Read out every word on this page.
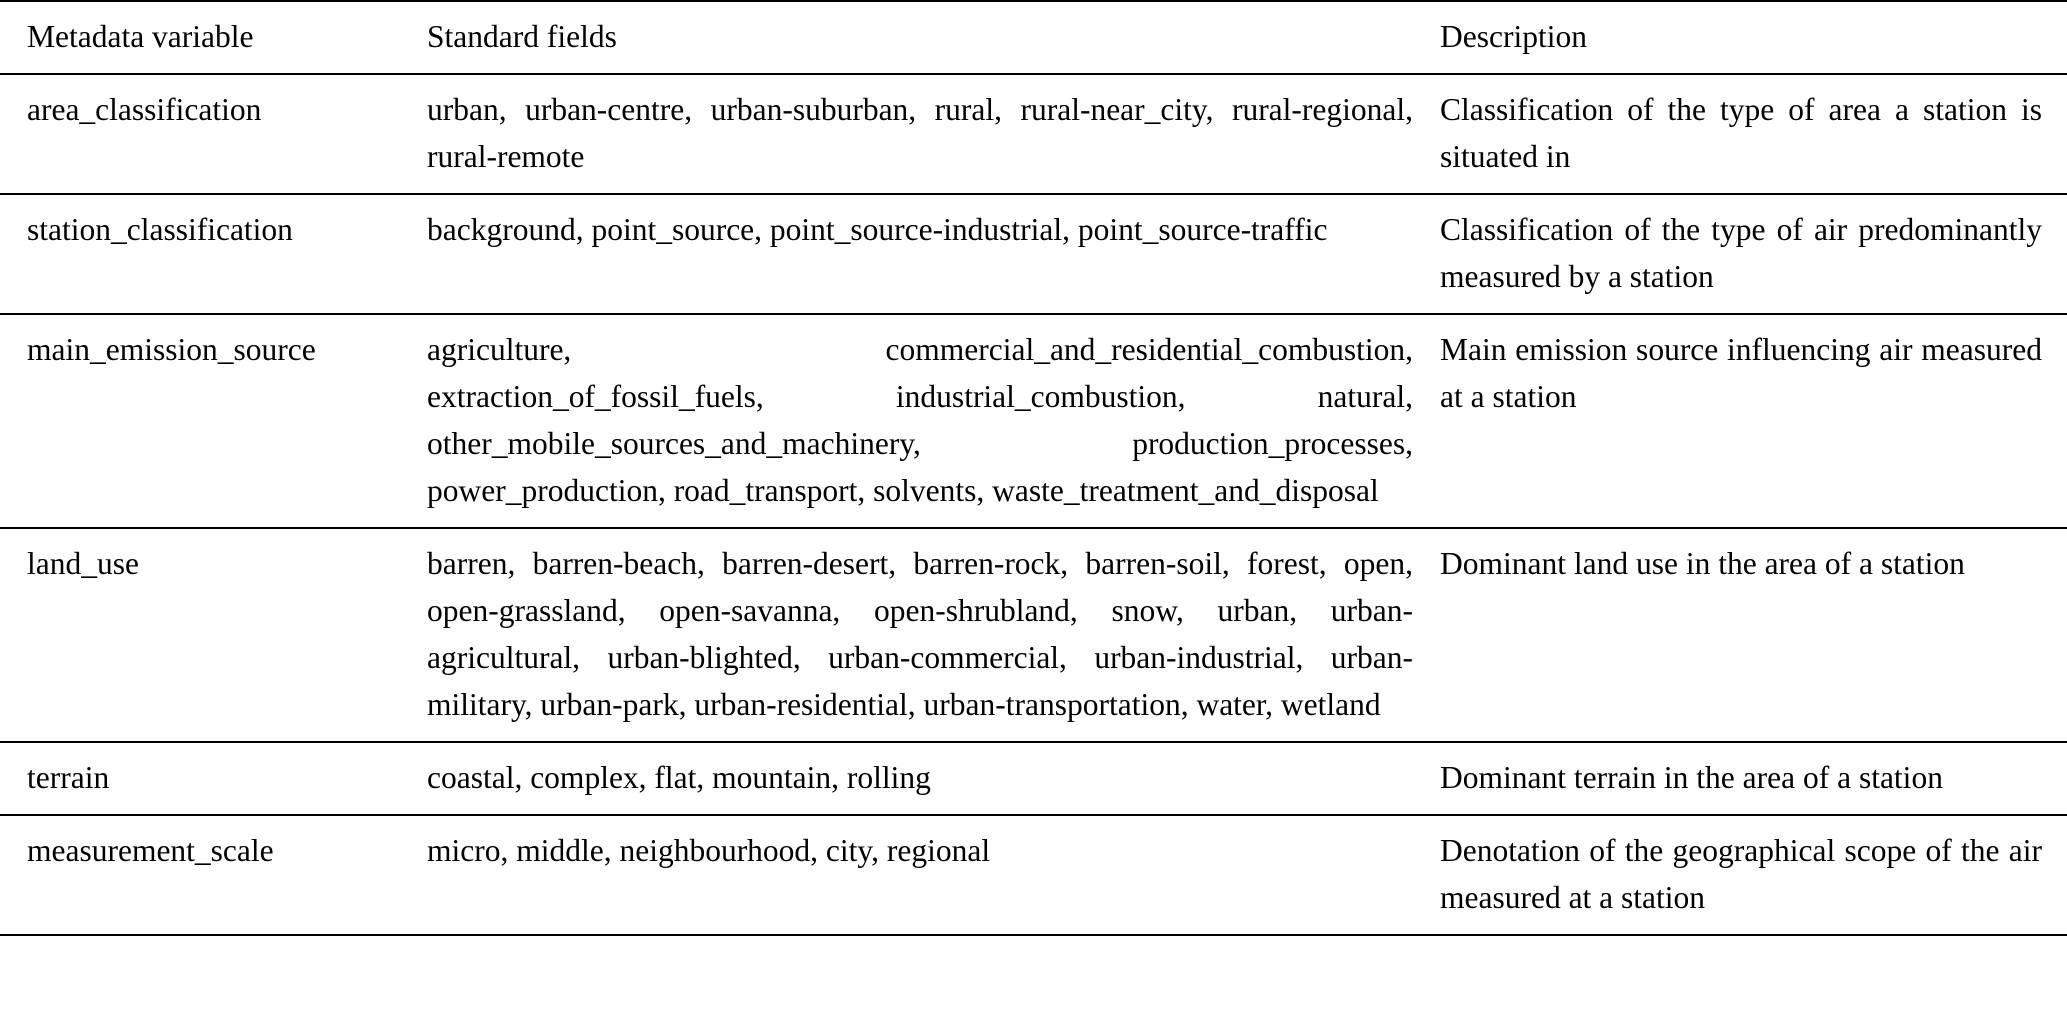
Metadata variable	Standard fields	Description
area_classification	urban, urban-centre, urban-suburban, rural, rural-near_city, rural-regional, rural-remote	Classification of the type of area a station is situated in
station_classification	background, point_source, point_source-industrial, point_source-traffic	Classification of the type of air predominantly measured by a station
main_emission_source	agriculture, commercial_and_residential_combustion, extraction_of_fossil_fuels, industrial_combustion, natural, other_mobile_sources_and_machinery, production_processes, power_production, road_transport, solvents, waste_treatment_and_disposal	Main emission source influencing air measured at a station
land_use	barren, barren-beach, barren-desert, barren-rock, barren-soil, forest, open, open-grassland, open-savanna, open-shrubland, snow, urban, urban-agricultural, urban-blighted, urban-​commercial, urban-industrial, urban-military, urban-park, urban-residential, urban-transportation, water, wetland	Dominant land use in the area of a station
terrain	coastal, complex, flat, mountain, rolling	Dominant terrain in the area of a station
measurement_scale	micro, middle, neighbourhood, city, regional	Denotation of the geographical scope of the air measured at a station
